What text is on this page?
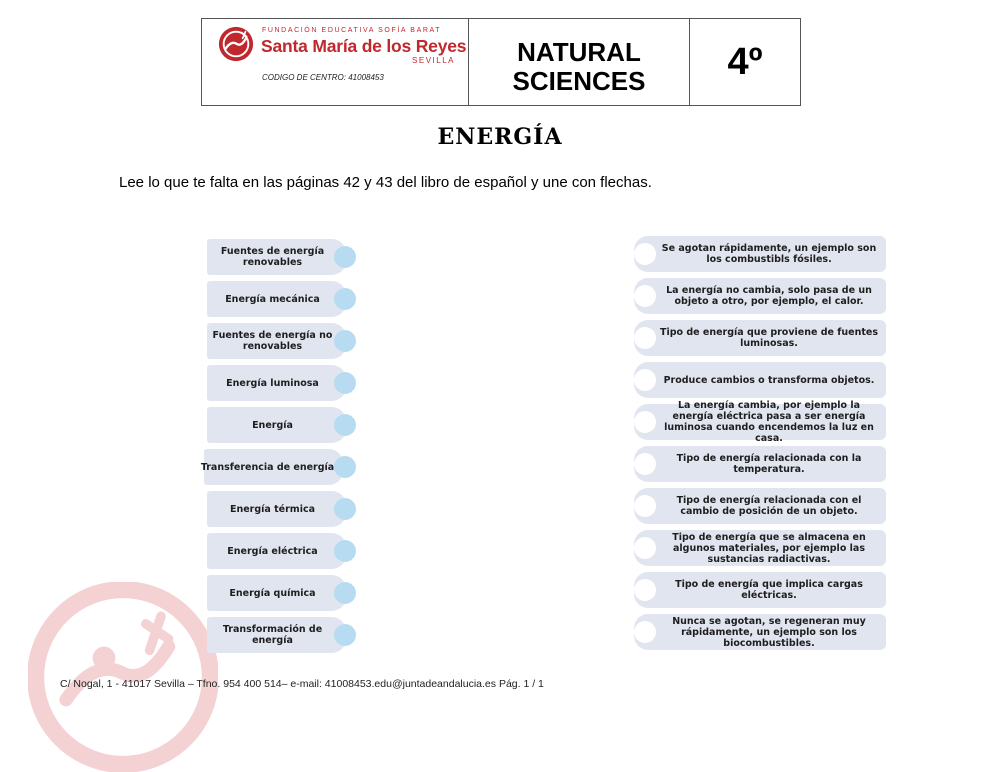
FUNDACIÓN EDUCATIVA SOFÍA BARAT
Santa María de los Reyes
SEVILLA
CODIGO DE CENTRO: 41008453
NATURAL
SCIENCES 4º
ENERGÍA
Lee lo que te falta en las páginas 42 y 43 del libro de español y une con flechas.
Fuentes de energía renovables
Energía mecánica
Fuentes de energía no renovables
Energía luminosa
Energía
Transferencia de energía
Energía térmica
Energía eléctrica
Energía química
Transformación de energía
Se agotan rápidamente, un ejemplo son los combustibls fósiles.
La energía no cambia, solo pasa de un objeto a otro, por ejemplo, el calor.
Tipo de energía que proviene de fuentes luminosas.
Produce cambios o transforma objetos.
La energía cambia, por ejemplo la energía eléctrica pasa a ser energía luminosa cuando encendemos la luz en casa.
Tipo de energía relacionada con la temperatura.
Tipo de energía relacionada con el cambio de posición de un objeto.
Tipo de energía que se almacena en algunos materiales, por ejemplo las sustancias radiactivas.
Tipo de energía que implica cargas eléctricas.
Nunca se agotan, se regeneran muy rápidamente, un ejemplo son los biocombustibles.
C/ Nogal, 1 - 41017 Sevilla – Tfno. 954 400 514– e-mail: 41008453.edu@juntadeandalucia.es Pág. 1 / 1
